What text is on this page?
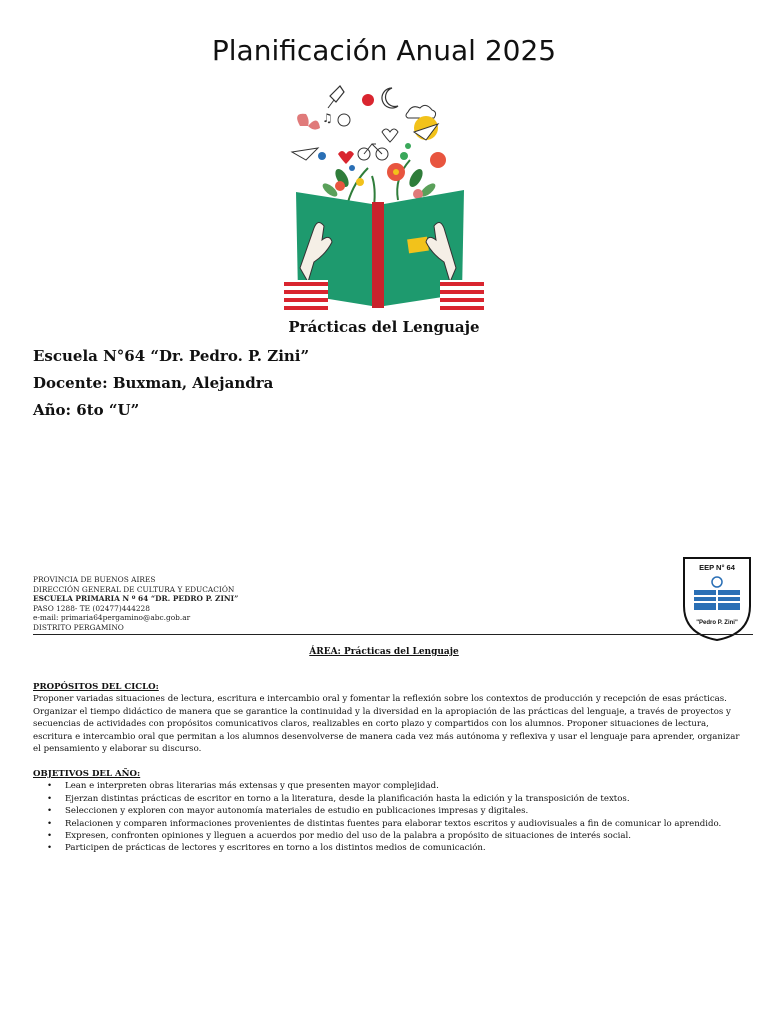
Planificación Anual 2025
♫
Prácticas del Lenguaje
Escuela N°64 “Dr. Pedro. P. Zini”
Docente: Buxman, Alejandra
Año: 6to “U”
PROVINCIA DE BUENOS AIRES
DIRECCIÓN GENERAL DE CULTURA Y EDUCACIÓN
ESCUELA PRIMARIA N º 64 “DR. PEDRO P. ZINI”
PASO 1288- TE (02477)444228
e-mail: primaria64pergamino@abc.gob.ar
DISTRITO PERGAMINO
EEP N° 64
"Pedro P. Zini"
ÁREA: Prácticas del Lenguaje
PROPÓSITOS DEL CICLO:
Proponer variadas situaciones de lectura, escritura e intercambio oral y fomentar la reflexión sobre los contextos de producción y recepción de esas prácticas. Organizar el tiempo didáctico de manera que se garantice la continuidad y la diversidad en la apropiación de las prácticas del lenguaje, a través de proyectos y secuencias de actividades con propósitos comunicativos claros, realizables en corto plazo y compartidos con los alumnos. Proponer situaciones de lectura, escritura e intercambio oral que permitan a los alumnos desenvolverse de manera cada vez más autónoma y reflexiva y usar el lenguaje para aprender, organizar el pensamiento y elaborar su discurso.
OBJETIVOS DEL AÑO:
• Lean e interpreten obras literarias más extensas y que presenten mayor complejidad.
• Ejerzan distintas prácticas de escritor en torno a la literatura, desde la planificación hasta la edición y la transposición de textos.
• Seleccionen y exploren con mayor autonomía materiales de estudio en publicaciones impresas y digitales.
• Relacionen y comparen informaciones provenientes de distintas fuentes para elaborar textos escritos y audiovisuales a fin de comunicar lo aprendido.
• Expresen, confronten opiniones y lleguen a acuerdos por medio del uso de la palabra a propósito de situaciones de interés social.
• Participen de prácticas de lectores y escritores en torno a los distintos medios de comunicación.
